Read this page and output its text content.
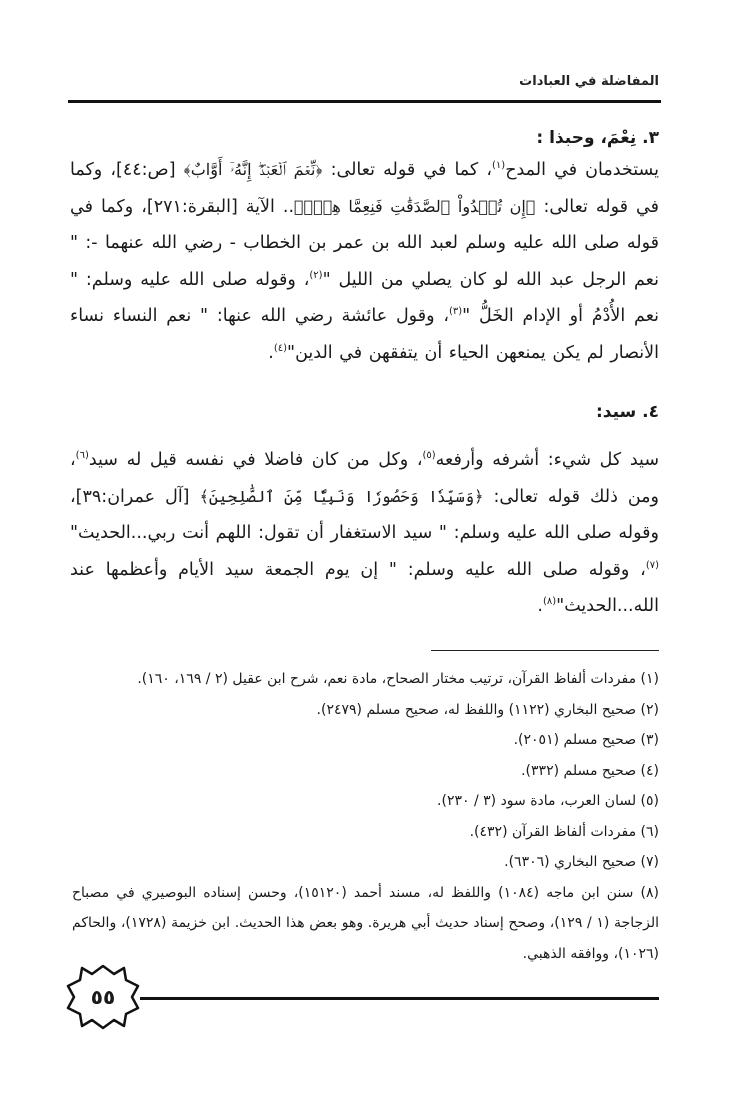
المفاضلة في العبادات
٣. نِعْمَ، وحبذا :

يستخدمان في المدح$^{(١)}$، كما في قوله تعالى: ﴿نِّعۡمَ ٱلۡعَبۡدُۖ إِنَّهُۥٓ أَوَّابٌ﴾ [ص:٤٤]، وكما في قوله تعالى: ﴿إِن تُبۡدُواْ ٱلصَّدَقَٰتِ فَنِعِمَّا هِيَۖ﴾.. الآية [البقرة:٢٧١]، وكما في قوله صلى الله عليه وسلم لعبد الله بن عمر بن الخطاب - رضي الله عنهما -: " نعم الرجل عبد الله لو كان يصلي من الليل "$^{(٢)}$، وقوله صلى الله عليه وسلم: " نعم الأُدْمُ أو الإدام الخَلُّ "$^{(٣)}$، وقول عائشة رضي الله عنها: " نعم النساء نساء الأنصار لم يكن يمنعهن الحياء أن يتفقهن في الدين"$^{(٤)}$.

٤. سيد:

سيد كل شيء: أشرفه وأرفعه$^{(٥)}$، وكل من كان فاضلا في نفسه قيل له سيد$^{(٦)}$، ومن ذلك قوله تعالى: ﴿وَسَيِّدٗا وَحَصُورٗا وَنَبِيّٗا مِّنَ ٱلصَّٰلِحِينَ﴾ [آل عمران:٣٩]، وقوله صلى الله عليه وسلم: " سيد الاستغفار أن تقول: اللهم أنت ربي...الحديث"$^{(٧)}$، وقوله صلى الله عليه وسلم: " إن يوم الجمعة سيد الأيام وأعظمها عند الله...الحديث"$^{(٨)}$.

(١) مفردات ألفاظ القرآن، ترتيب مختار الصحاح، مادة نعم، شرح ابن عقيل (٢ / ١٦٩، ١٦٠).
(٢) صحيح البخاري (١١٢٢) واللفظ له، صحيح مسلم (٢٤٧٩).
(٣) صحيح مسلم (٢٠٥١).
(٤) صحيح مسلم (٣٣٢).
(٥) لسان العرب، مادة سود (٣ / ٢٣٠).
(٦) مفردات ألفاظ القرآن (٤٣٢).
(٧) صحيح البخاري (٦٣٠٦).
(٨) سنن ابن ماجه (١٠٨٤) واللفظ له، مسند أحمد (١٥١٢٠)، وحسن إسناده البوصيري في مصباح الزجاجة (١ / ١٢٩)، وصحح إسناد حديث أبي هريرة. وهو بعض هذا الحديث. ابن خزيمة (١٧٢٨)، والحاكم (١٠٢٦)، ووافقه الذهبي.
٥٥
